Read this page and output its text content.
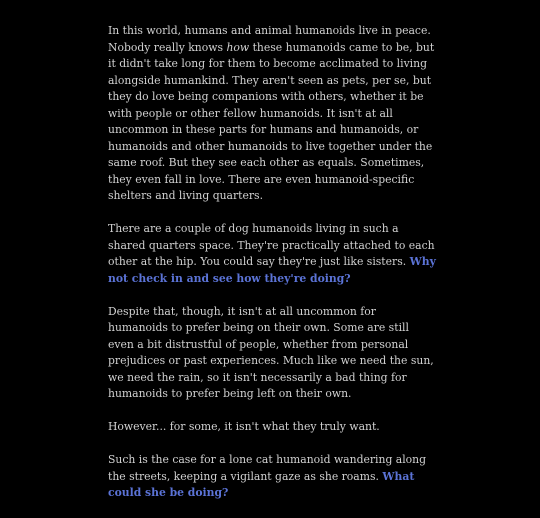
In this world, humans and animal humanoids live in peace. Nobody really knows how these humanoids came to be, but it didn't take long for them to become acclimated to living alongside humankind. They aren't seen as pets, per se, but they do love being companions with others, whether it be with people or other fellow humanoids. It isn't at all uncommon in these parts for humans and humanoids, or humanoids and other humanoids to live together under the same roof. But they see each other as equals. Sometimes, they even fall in love. There are even humanoid-specific shelters and living quarters.

There are a couple of dog humanoids living in such a shared quarters space. They're practically attached to each other at the hip. You could say they're just like sisters. Why not check in and see how they're doing?

Despite that, though, it isn't at all uncommon for humanoids to prefer being on their own. Some are still even a bit distrustful of people, whether from personal prejudices or past experiences. Much like we need the sun, we need the rain, so it isn't necessarily a bad thing for humanoids to prefer being left on their own.

However... for some, it isn't what they truly want.

Such is the case for a lone cat humanoid wandering along the streets, keeping a vigilant gaze as she roams. What could she be doing?
